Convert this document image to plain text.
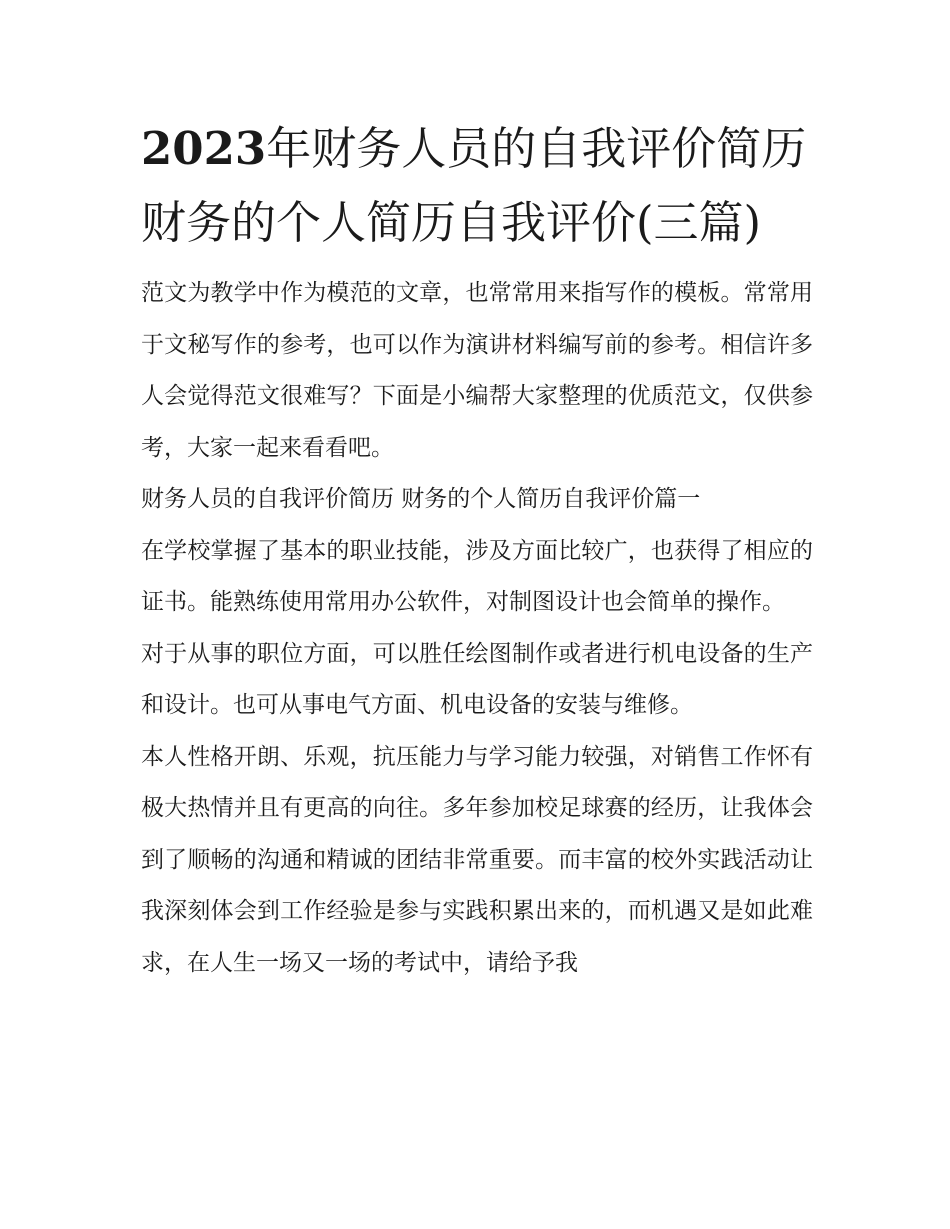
2023年财务人员的自我评价简历 财务的个人简历自我评价(三篇)

范文为教学中作为模范的文章，也常常用来指写作的模板。常常用于文秘写作的参考，也可以作为演讲材料编写前的参考。相信许多人会觉得范文很难写？下面是小编帮大家整理的优质范文，仅供参考，大家一起来看看吧。

财务人员的自我评价简历 财务的个人简历自我评价篇一

在学校掌握了基本的职业技能，涉及方面比较广，也获得了相应的证书。能熟练使用常用办公软件，对制图设计也会简单的操作。

对于从事的职位方面，可以胜任绘图制作或者进行机电设备的生产和设计。也可从事电气方面、机电设备的安装与维修。

本人性格开朗、乐观，抗压能力与学习能力较强，对销售工作怀有极大热情并且有更高的向往。多年参加校足球赛的经历，让我体会到了顺畅的沟通和精诚的团结非常重要。而丰富的校外实践活动让我深刻体会到工作经验是参与实践积累出来的，而机遇又是如此难求，在人生一场又一场的考试中，请给予我
